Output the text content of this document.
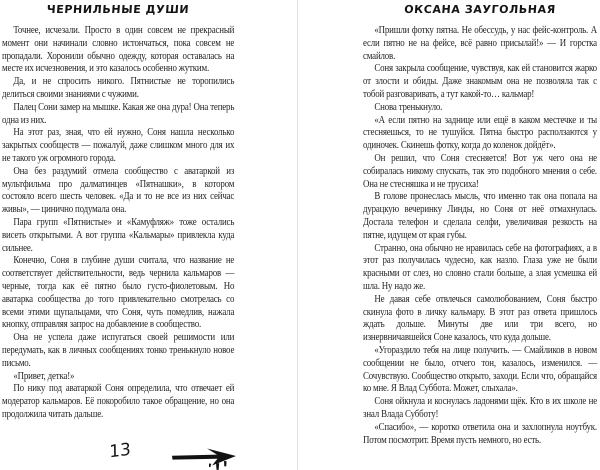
ЧЕРНИЛЬНЫЕ ДУШИ

Точнее, исчезали. Просто в один совсем не прекрасный момент они начинали словно истончаться, пока совсем не пропадали. Хоронили обычно одежду, которая оставалась на месте их исчезновения, и это казалось особенно жутким.

Да, и не спросить никого. Пятнистые не торопились делиться своими знаниями с чужими.

Палец Сони замер на мышке. Какая же она дура! Она теперь одна из них.

На этот раз, зная, что ей нужно, Соня нашла несколько закрытых сообществ — пожалуй, даже слишком много для их не такого уж огромного города.

Она без раздумий отмела сообщество с аватаркой из мультфильма про далматинцев «Пятнашки», в котором состояло всего шесть человек. «Да и то не все из них сейчас живы», — цинично подумала она.

Пара групп «Пятнистые» и «Камуфляж» тоже остались висеть открытыми. А вот группа «Кальмары» привлекла куда сильнее.

Конечно, Соня в глубине души считала, что название не соответствует действительности, ведь чернила кальмаров — черные, тогда как её пятно было густо-фиолетовым. Но аватарка сообщества до того привлекательно смотрелась со всеми этими щупальцами, что Соня, чуть помедлив, нажала кнопку, отправляя запрос на добавление в сообщество.

Она не успела даже испугаться своей решимости или передумать, как в личных сообщениях тонко тренькнуло новое письмо.

«Привет, детка!»

По нику под аватаркой Соня определила, что отвечает ей модератор кальмаров. Её покоробило такое обращение, но она продолжила читать дальше.

13
ОКСАНА ЗАУГОЛЬНАЯ

«Пришли фотку пятна. Не обессудь, у нас фейс-контроль. А если пятно не на фейсе, всё равно присылай!» — И горстка смайлов.

Соня закрыла сообщение, чувствуя, как ей становится жарко от злости и обиды. Даже знакомым она не позволяла так с тобой разговаривать, а тут какой-то… кальмар!

Снова тренькнуло.

«А если пятно на заднице или ещё в каком местечке и ты стесняешься, то не тушуйся. Пятна быстро расползаются у одиночек. Скинешь фотку, когда до коленок дойдёт».

Он решил, что Соня стесняется! Вот уж чего она не собиралась никому спускать, так это подобного мнения о себе. Она не стесняшка и не трусиха!

В голове пронеслась мысль, что именно так она попала на дурацкую вечеринку Линды, но Соня от неё отмахнулась. Достала телефон и сделала селфи, увеличивая резкость на пятне, идущем от края губы.

Странно, она обычно не нравилась себе на фотографиях, а в этот раз получилась чудесно, как назло. Глаза уже не были красными от слез, но словно стали больше, а злая усмешка ей шла. Ну надо же.

Не давая себе отвлечься самолюбованием, Соня быстро скинула фото в личку кальмару. В этот раз ответа пришлось ждать дольше. Минуты две или три всего, но изнервничавшейся Соне казалось, что куда дольше.

«Угораздило тебя на лице получить. — Смайликов в новом сообщении не было, отчего тон, казалось, изменился. — Сочувствую. Сообщество открыто, заходи. Если что, обращайся ко мне. Я Влад Суббота. Может, слыхала».

Соня ойкнула и коснулась ладонями щёк. Кто в их школе не знал Влада Субботу!

«Спасибо», — коротко ответила она и захлопнула ноутбук. Потом посмотрит. Время пусть немного, но есть.
